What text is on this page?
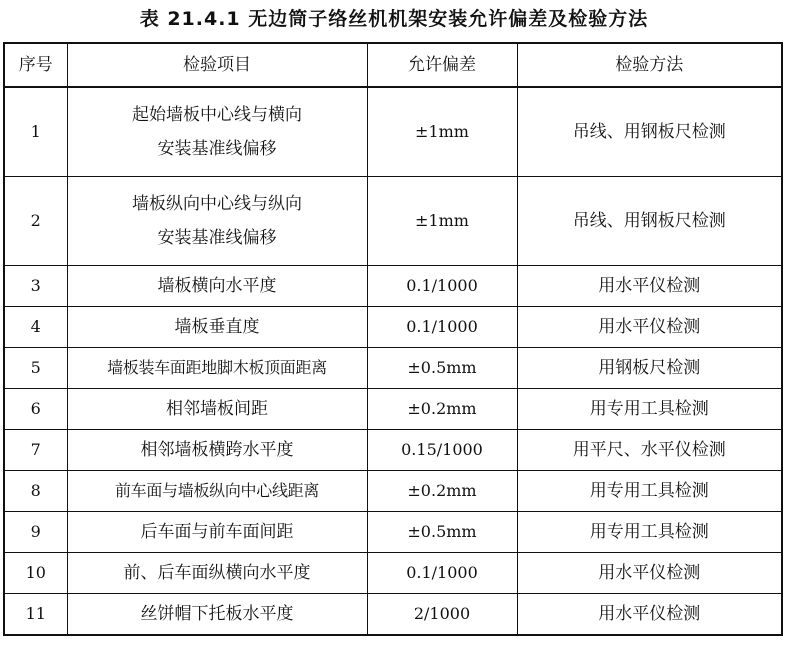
表 21.4.1 无边筒子络丝机机架安装允许偏差及检验方法
序号	检验项目	允许偏差	检验方法
1	起始墙板中心线与横向
安装基准线偏移	±1mm	吊线、用钢板尺检测
2	墙板纵向中心线与纵向
安装基准线偏移	±1mm	吊线、用钢板尺检测
3	墙板横向水平度	0.1/1000	用水平仪检测
4	墙板垂直度	0.1/1000	用水平仪检测
5	墙板装车面距地脚木板顶面距离	±0.5mm	用钢板尺检测
6	相邻墙板间距	±0.2mm	用专用工具检测
7	相邻墙板横跨水平度	0.15/1000	用平尺、水平仪检测
8	前车面与墙板纵向中心线距离	±0.2mm	用专用工具检测
9	后车面与前车面间距	±0.5mm	用专用工具检测
10	前、后车面纵横向水平度	0.1/1000	用水平仪检测
11	丝饼帽下托板水平度	2/1000	用水平仪检测
